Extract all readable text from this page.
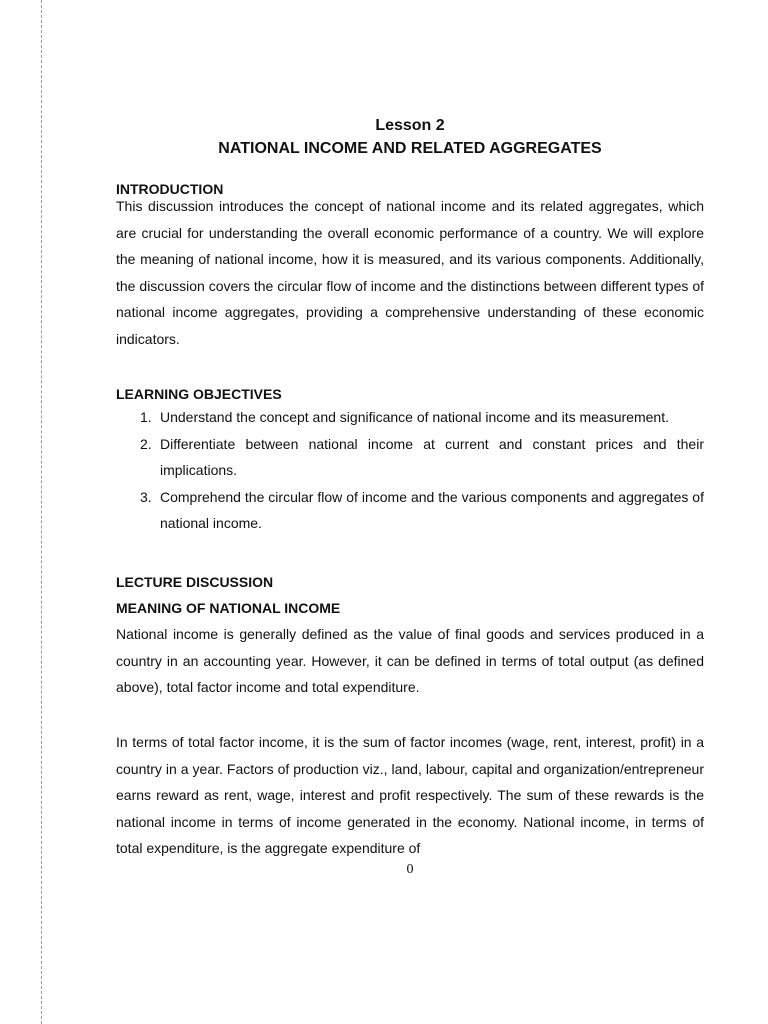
Lesson 2
NATIONAL INCOME AND RELATED AGGREGATES
INTRODUCTION
This discussion introduces the concept of national income and its related aggregates, which are crucial for understanding the overall economic performance of a country. We will explore the meaning of national income, how it is measured, and its various components. Additionally, the discussion covers the circular flow of income and the distinctions between different types of national income aggregates, providing a comprehensive understanding of these economic indicators.
LEARNING OBJECTIVES
1. Understand the concept and significance of national income and its measurement.
2. Differentiate between national income at current and constant prices and their implications.
3. Comprehend the circular flow of income and the various components and aggregates of national income.
LECTURE DISCUSSION
MEANING OF NATIONAL INCOME
National income is generally defined as the value of final goods and services produced in a country in an accounting year. However, it can be defined in terms of total output (as defined above), total factor income and total expenditure.
In terms of total factor income, it is the sum of factor incomes (wage, rent, interest, profit) in a country in a year. Factors of production viz., land, labour, capital and organization/entrepreneur earns reward as rent, wage, interest and profit respectively. The sum of these rewards is the national income in terms of income generated in the economy. National income, in terms of total expenditure, is the aggregate expenditure of
0
